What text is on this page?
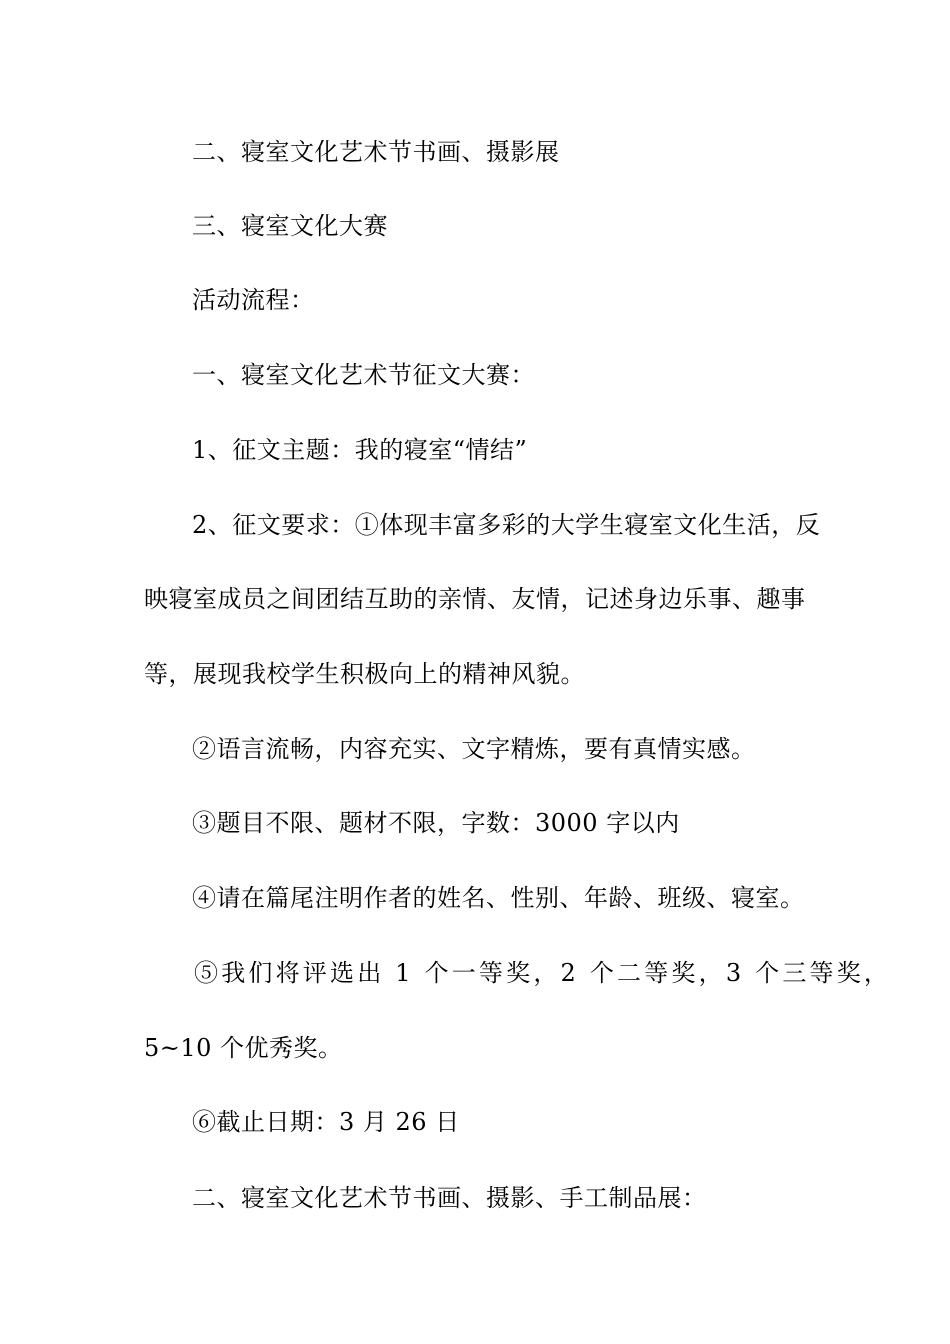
二、寝室文化艺术节书画、摄影展
三、寝室文化大赛
活动流程：
一、寝室文化艺术节征文大赛：
1、征文主题：我的寝室“情结”
2、征文要求：①体现丰富多彩的大学生寝室文化生活，反
映寝室成员之间团结互助的亲情、友情，记述身边乐事、趣事
等，展现我校学生积极向上的精神风貌。
②语言流畅，内容充实、文字精炼，要有真情实感。
③题目不限、题材不限，字数：3000 字以内
④请在篇尾注明作者的姓名、性别、年龄、班级、寝室。
⑤我们将评选出 1 个一等奖，2 个二等奖，3 个三等奖，
5~10 个优秀奖。
⑥截止日期：3 月 26 日
二、寝室文化艺术节书画、摄影、手工制品展：
